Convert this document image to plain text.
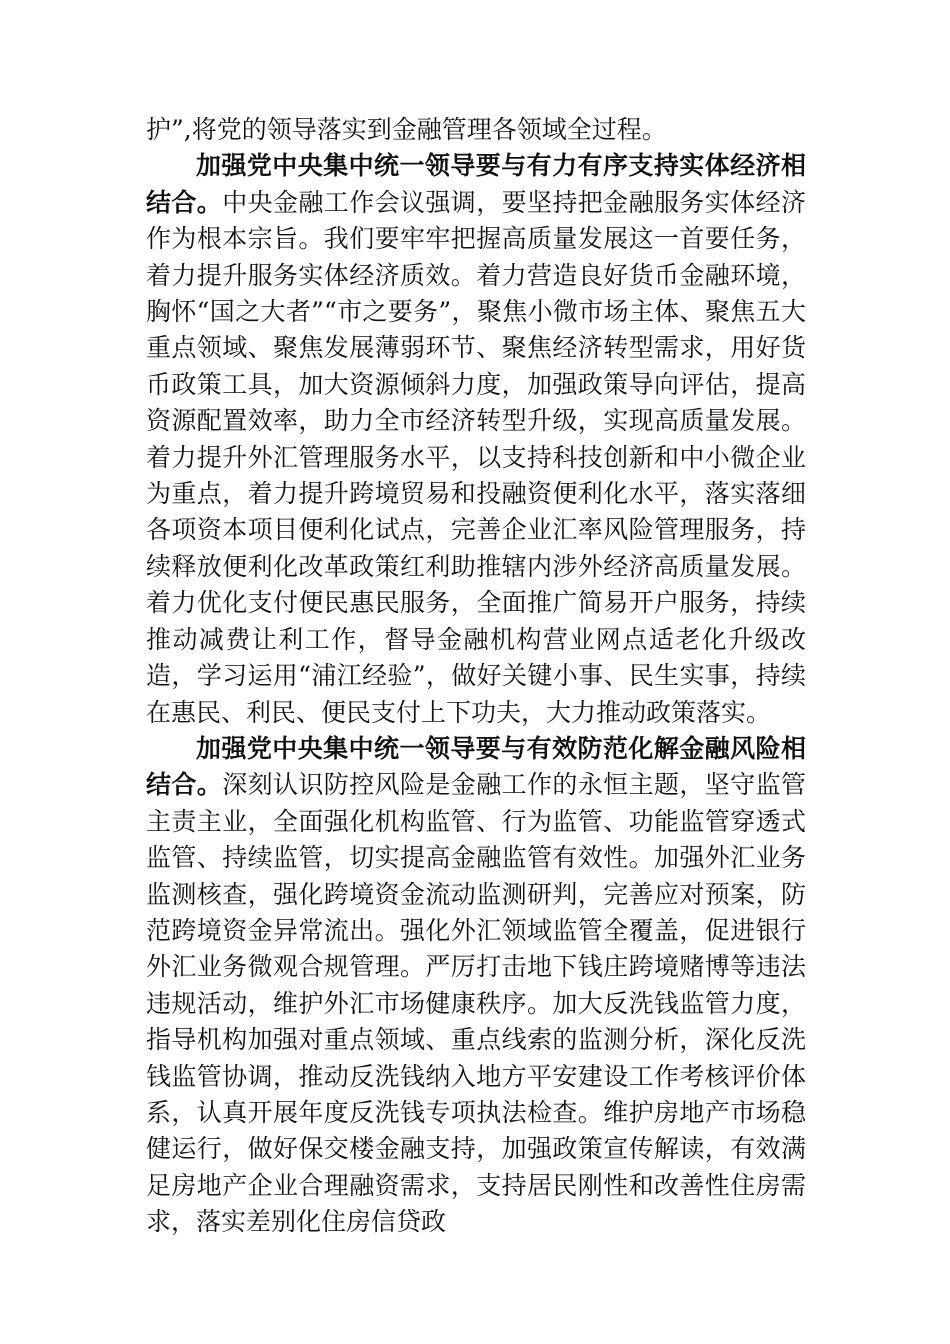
护”,将党的领导落实到金融管理各领域全过程。

加强党中央集中统一领导要与有力有序支持实体经济相结合。中央金融工作会议强调，要坚持把金融服务实体经济作为根本宗旨。我们要牢牢把握高质量发展这一首要任务，着力提升服务实体经济质效。着力营造良好货币金融环境，胸怀“国之大者”“市之要务”，聚焦小微市场主体、聚焦五大重点领域、聚焦发展薄弱环节、聚焦经济转型需求，用好货币政策工具，加大资源倾斜力度，加强政策导向评估，提高资源配置效率，助力全市经济转型升级，实现高质量发展。着力提升外汇管理服务水平，以支持科技创新和中小微企业为重点，着力提升跨境贸易和投融资便利化水平，落实落细各项资本项目便利化试点，完善企业汇率风险管理服务，持续释放便利化改革政策红利助推辖内涉外经济高质量发展。着力优化支付便民惠民服务，全面推广简易开户服务，持续推动减费让利工作，督导金融机构营业网点适老化升级改造，学习运用“浦江经验”，做好关键小事、民生实事，持续在惠民、利民、便民支付上下功夫，大力推动政策落实。

加强党中央集中统一领导要与有效防范化解金融风险相结合。深刻认识防控风险是金融工作的永恒主题，坚守监管主责主业，全面强化机构监管、行为监管、功能监管穿透式监管、持续监管，切实提高金融监管有效性。加强外汇业务监测核查，强化跨境资金流动监测研判，完善应对预案，防范跨境资金异常流出。强化外汇领域监管全覆盖，促进银行外汇业务微观合规管理。严厉打击地下钱庄跨境赌博等违法违规活动，维护外汇市场健康秩序。加大反洗钱监管力度，指导机构加强对重点领域、重点线索的监测分析，深化反洗钱监管协调，推动反洗钱纳入地方平安建设工作考核评价体系，认真开展年度反洗钱专项执法检查。维护房地产市场稳健运行，做好保交楼金融支持，加强政策宣传解读，有效满足房地产企业合理融资需求，支持居民刚性和改善性住房需求，落实差别化住房信贷政
